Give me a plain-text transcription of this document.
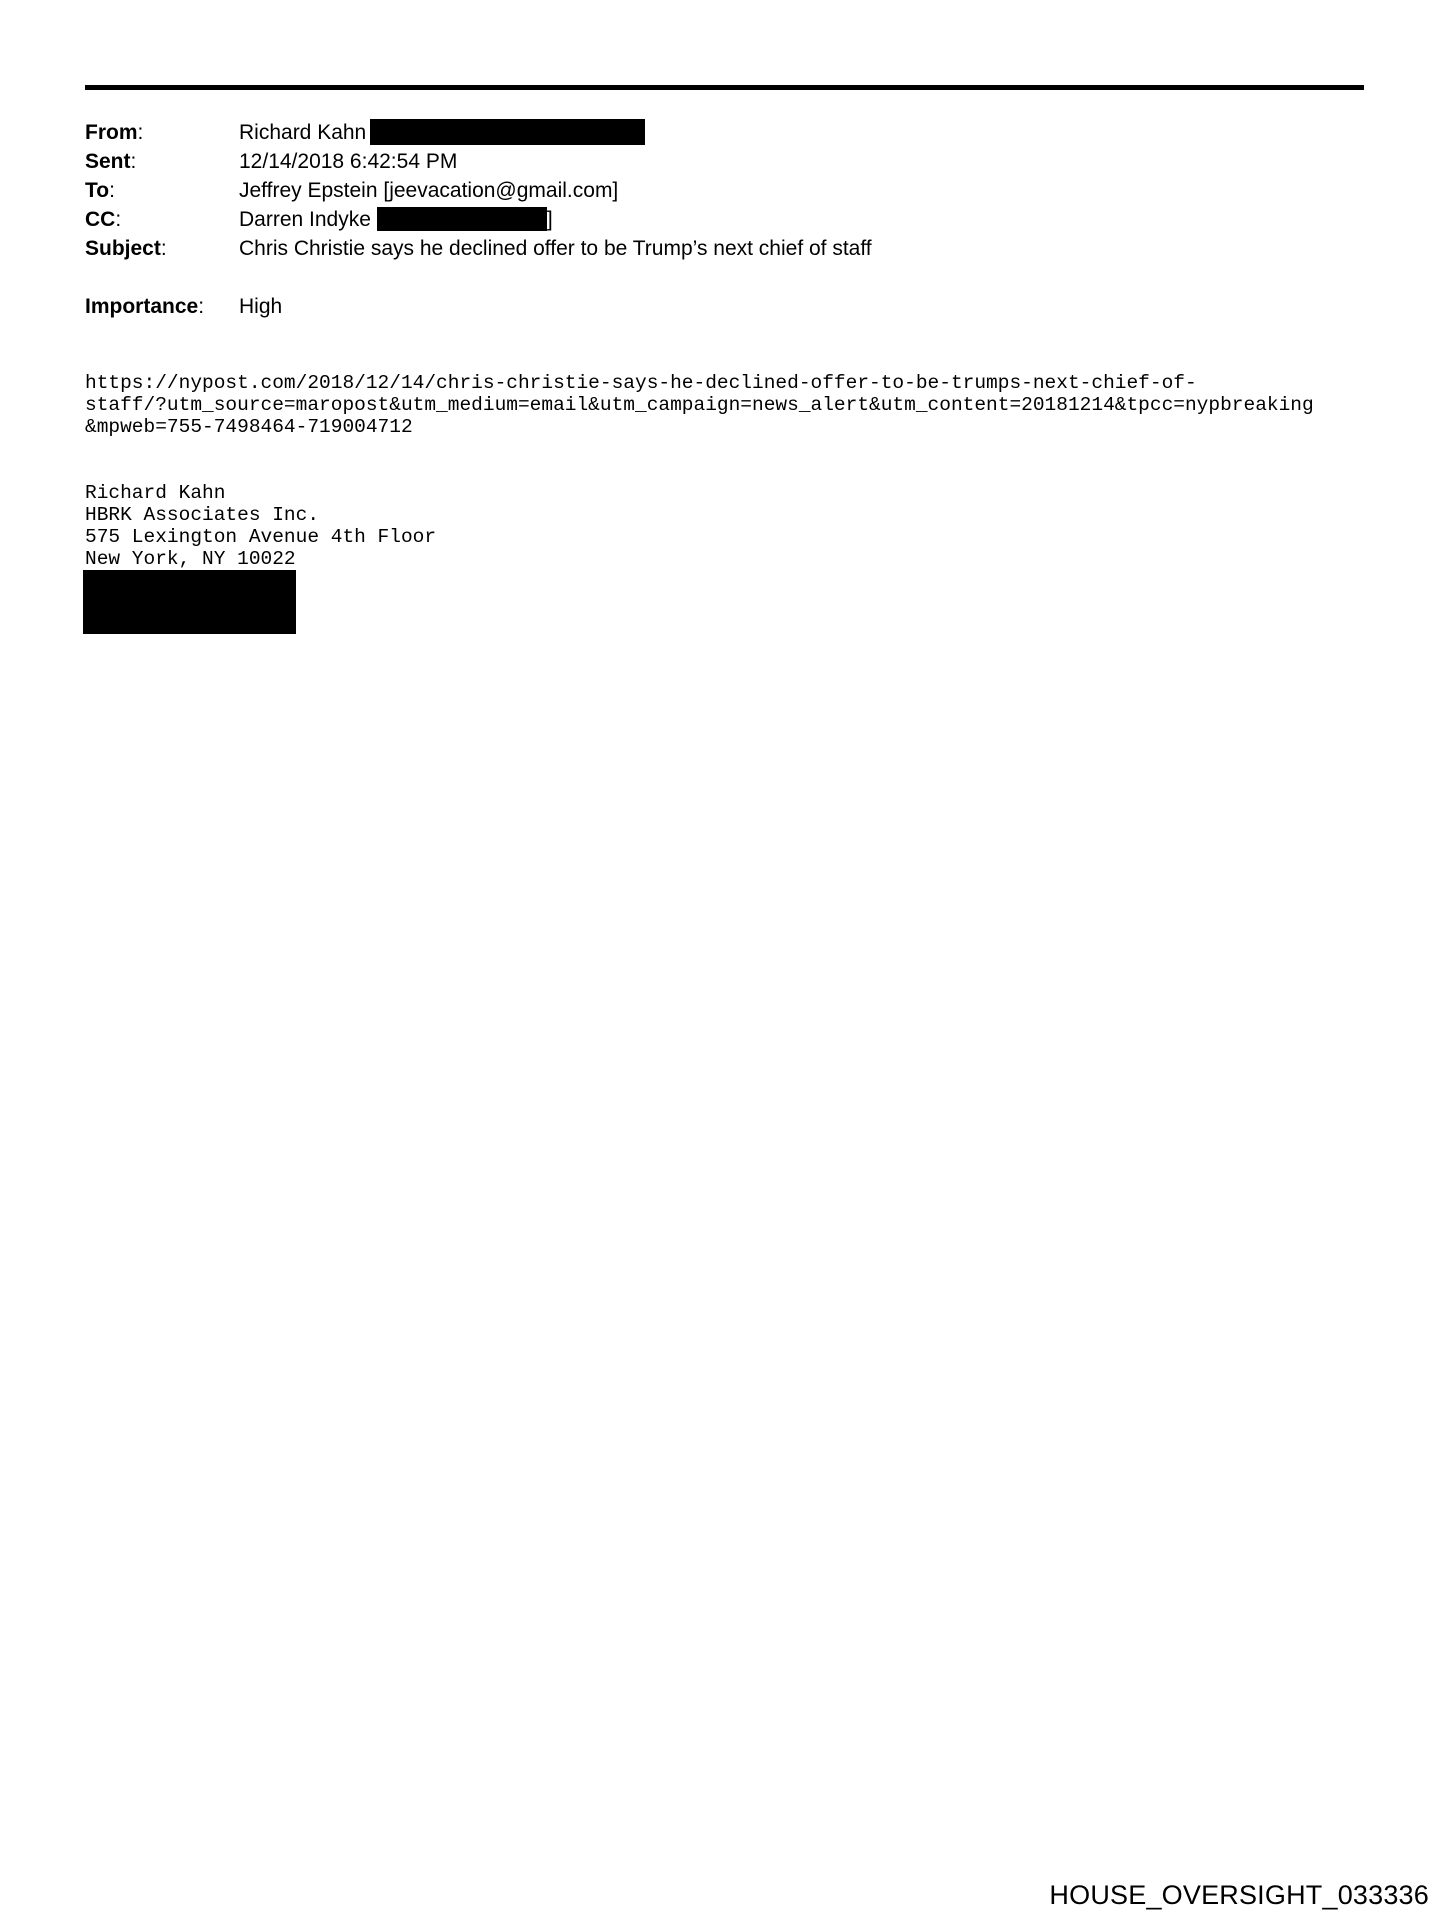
From:	Richard Kahn
Sent:	12/14/2018 6:42:54 PM
To:	Jeffrey Epstein [jeevacation@gmail.com]
CC:	Darren Indyke	]
Subject:	Chris Christie says he declined offer to be Trump’s next chief of staff
Importance: High
https://nypost.com/2018/12/14/chris-christie-says-he-declined-offer-to-be-trumps-next-chief-of-
staff/?utm_source=maropost&utm_medium=email&utm_campaign=news_alert&utm_content=20181214&tpcc=nypbreaking
&mpweb=755-7498464-719004712
Richard Kahn
HBRK Associates Inc.
575 Lexington Avenue 4th Floor
New York, NY 10022
HOUSE_OVERSIGHT_033336
